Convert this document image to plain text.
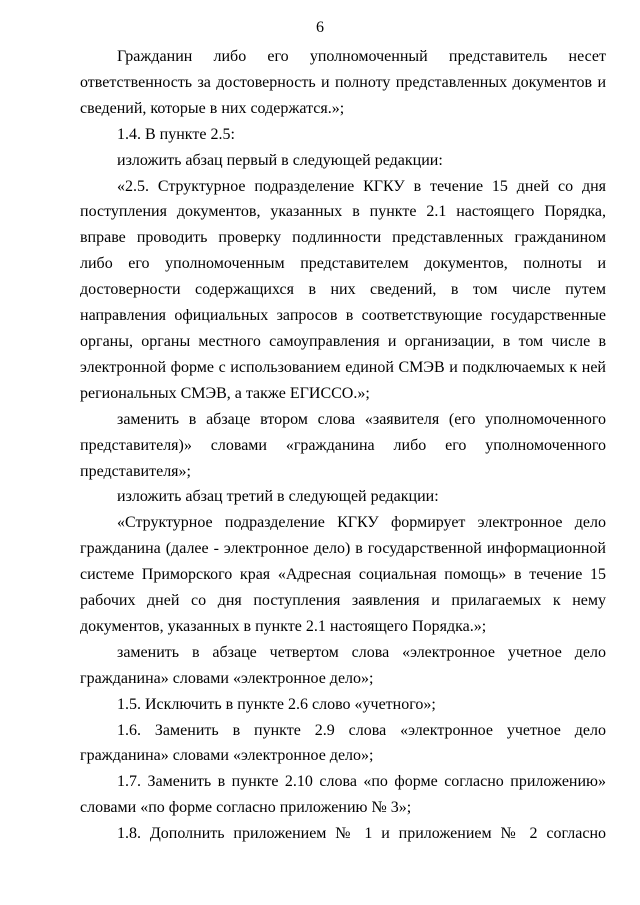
6

Гражданин либо его уполномоченный представитель несет ответственность за достоверность и полноту представленных документов и сведений, которые в них содержатся.»;

1.4. В пункте 2.5:

изложить абзац первый в следующей редакции:

«2.5. Структурное подразделение КГКУ в течение 15 дней со дня поступления документов, указанных в пункте 2.1 настоящего Порядка, вправе проводить проверку подлинности представленных гражданином либо его уполномоченным представителем документов, полноты и достоверности содержащихся в них сведений, в том числе путем направления официальных запросов в соответствующие государственные органы, органы местного самоуправления и организации, в том числе в электронной форме с использованием единой СМЭВ и подключаемых к ней региональных СМЭВ, а также ЕГИССО.»;

заменить в абзаце втором слова «заявителя (его уполномоченного представителя)» словами «гражданина либо его уполномоченного представителя»;

изложить абзац третий в следующей редакции:

«Структурное подразделение КГКУ формирует электронное дело гражданина (далее - электронное дело) в государственной информационной системе Приморского края «Адресная социальная помощь» в течение 15 рабочих дней со дня поступления заявления и прилагаемых к нему документов, указанных в пункте 2.1 настоящего Порядка.»;

заменить в абзаце четвертом слова «электронное учетное дело гражданина» словами «электронное дело»;

1.5. Исключить в пункте 2.6 слово «учетного»;

1.6. Заменить в пункте 2.9 слова «электронное учетное дело гражданина» словами «электронное дело»;

1.7. Заменить в пункте 2.10 слова «по форме согласно приложению» словами «по форме согласно приложению № 3»;

1.8. Дополнить приложением № 1 и приложением № 2 согласно
